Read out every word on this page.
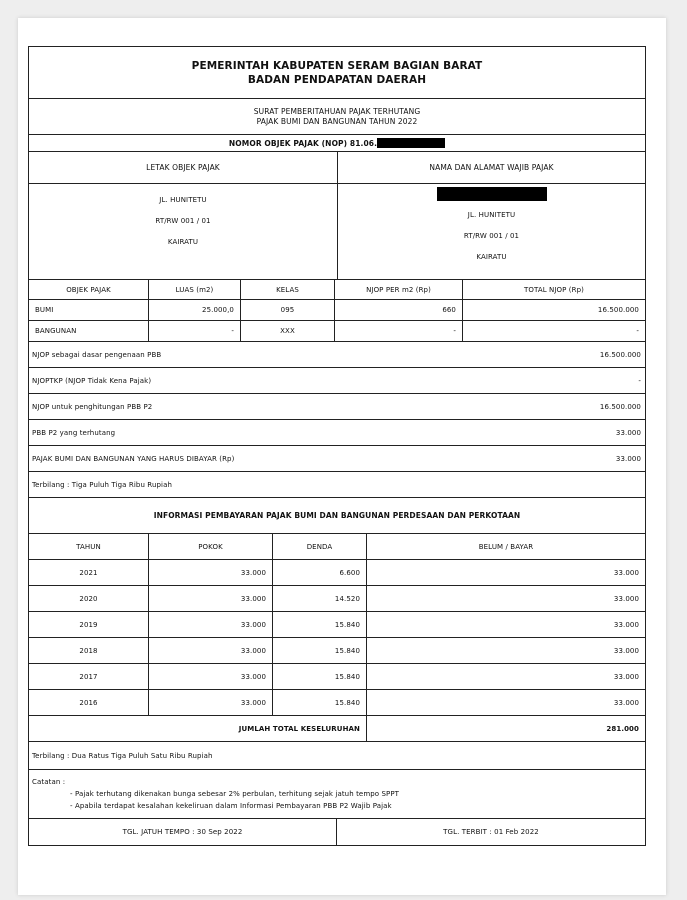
PEMERINTAH KABUPATEN SERAM BAGIAN BARAT
BADAN PENDAPATAN DAERAH
SURAT PEMBERITAHUAN PAJAK TERHUTANG
PAJAK BUMI DAN BANGUNAN TAHUN 2022
NOMOR OBJEK PAJAK (NOP) 81.06.
LETAK OBJEK PAJAK
JL. HUNITETU
RT/RW 001 / 01
KAIRATU
NAMA DAN ALAMAT WAJIB PAJAK
JL. HUNITETU
RT/RW 001 / 01
KAIRATU
OBJEK PAJAK	LUAS (m2)	KELAS	NJOP PER m2 (Rp)	TOTAL NJOP (Rp)
BUMI	25.000,0	095	660	16.500.000
BANGUNAN	-	XXX	-	-
NJOP sebagai dasar pengenaan PBB	16.500.000
NJOPTKP (NJOP Tidak Kena Pajak)	-
NJOP untuk penghitungan PBB P2	16.500.000
PBB P2 yang terhutang	33.000
PAJAK BUMI DAN BANGUNAN YANG HARUS DIBAYAR (Rp)	33.000
Terbilang : Tiga Puluh Tiga Ribu Rupiah
INFORMASI PEMBAYARAN PAJAK BUMI DAN BANGUNAN PERDESAAN DAN PERKOTAAN
TAHUN	POKOK	DENDA	BELUM / BAYAR
2021	33.000	6.600	33.000
2020	33.000	14.520	33.000
2019	33.000	15.840	33.000
2018	33.000	15.840	33.000
2017	33.000	15.840	33.000
2016	33.000	15.840	33.000
JUMLAH TOTAL KESELURUHAN	281.000
Terbilang : Dua Ratus Tiga Puluh Satu Ribu Rupiah
Catatan :
- Pajak terhutang dikenakan bunga sebesar 2% perbulan, terhitung sejak jatuh tempo SPPT
- Apabila terdapat kesalahan kekeliruan dalam Informasi Pembayaran PBB P2 Wajib Pajak
TGL. JATUH TEMPO : 30 Sep 2022	TGL. TERBIT : 01 Feb 2022
